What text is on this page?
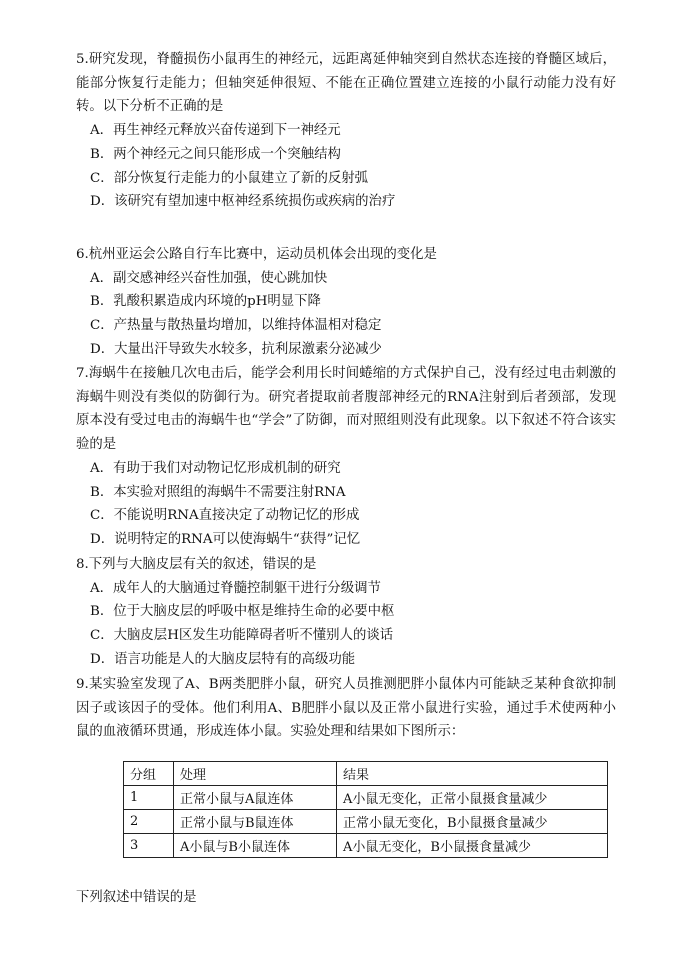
5.研究发现，脊髓损伤小鼠再生的神经元，远距离延伸轴突到自然状态连接的脊髓区域后，能部分恢复行走能力；但轴突延伸很短、不能在正确位置建立连接的小鼠行动能力没有好转。以下分析不正确的是

A．再生神经元释放兴奋传递到下一神经元

B．两个神经元之间只能形成一个突触结构

C．部分恢复行走能力的小鼠建立了新的反射弧

D．该研究有望加速中枢神经系统损伤或疾病的治疗

6.杭州亚运会公路自行车比赛中，运动员机体会出现的变化是

A．副交感神经兴奋性加强，使心跳加快

B．乳酸积累造成内环境的pH明显下降

C．产热量与散热量均增加，以维持体温相对稳定

D．大量出汗导致失水较多，抗利尿激素分泌减少

7.海蜗牛在接触几次电击后，能学会利用长时间蜷缩的方式保护自己，没有经过电击刺激的海蜗牛则没有类似的防御行为。研究者提取前者腹部神经元的RNA注射到后者颈部，发现原本没有受过电击的海蜗牛也“学会”了防御，而对照组则没有此现象。以下叙述不符合该实验的是

A．有助于我们对动物记忆形成机制的研究

B．本实验对照组的海蜗牛不需要注射RNA

C．不能说明RNA直接决定了动物记忆的形成

D．说明特定的RNA可以使海蜗牛“获得”记忆

8.下列与大脑皮层有关的叙述，错误的是

A．成年人的大脑通过脊髓控制躯干进行分级调节

B．位于大脑皮层的呼吸中枢是维持生命的必要中枢

C．大脑皮层H区发生功能障碍者听不懂别人的谈话

D．语言功能是人的大脑皮层特有的高级功能

9.某实验室发现了A、B两类肥胖小鼠，研究人员推测肥胖小鼠体内可能缺乏某种食欲抑制因子或该因子的受体。他们利用A、B肥胖小鼠以及正常小鼠进行实验，通过手术使两种小鼠的血液循环贯通，形成连体小鼠。实验处理和结果如下图所示：

分组	处理	结果
1	正常小鼠与A鼠连体	A小鼠无变化，正常小鼠摄食量减少
2	正常小鼠与B鼠连体	正常小鼠无变化，B小鼠摄食量减少
3	A小鼠与B小鼠连体	A小鼠无变化，B小鼠摄食量减少

下列叙述中错误的是
